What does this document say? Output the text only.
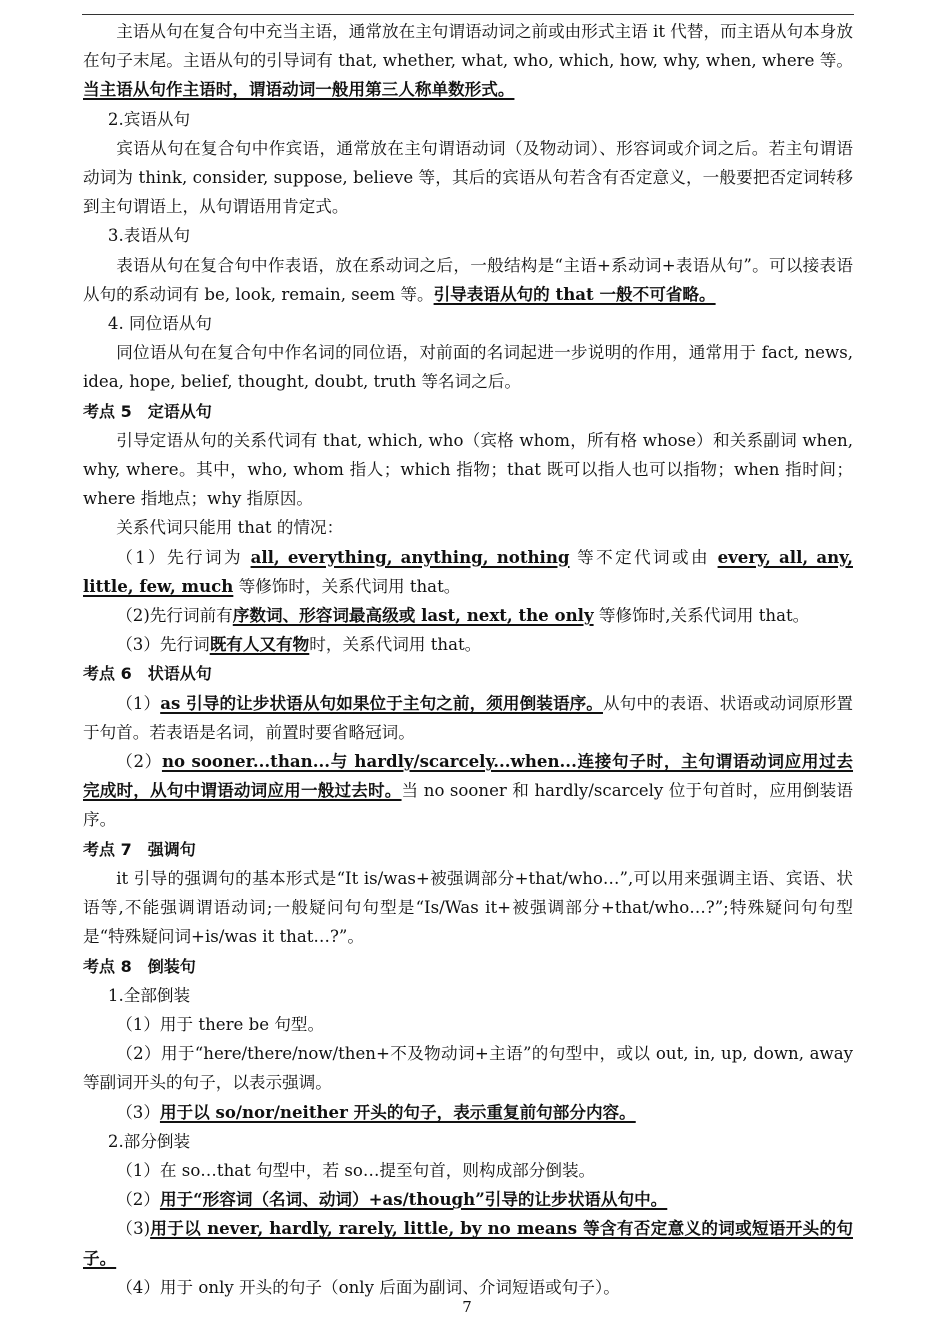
主语从句在复合句中充当主语，通常放在主句谓语动词之前或由形式主语 it 代替，而主语从句本身放在句子末尾。主语从句的引导词有 that, whether, what, who, which, how, why, when, where 等。当主语从句作主语时，谓语动词一般用第三人称单数形式。

2.宾语从句

宾语从句在复合句中作宾语，通常放在主句谓语动词（及物动词）、形容词或介词之后。若主句谓语动词为 think, consider, suppose, believe 等，其后的宾语从句若含有否定意义，一般要把否定词转移到主句谓语上，从句谓语用肯定式。

3.表语从句

表语从句在复合句中作表语，放在系动词之后，一般结构是“主语+系动词+表语从句”。可以接表语从句的系动词有 be, look, remain, seem 等。引导表语从句的 that 一般不可省略。

4. 同位语从句

同位语从句在复合句中作名词的同位语，对前面的名词起进一步说明的作用，通常用于 fact, news, idea, hope, belief, thought, doubt, truth 等名词之后。

考点 5　定语从句

引导定语从句的关系代词有 that, which, who（宾格 whom，所有格 whose）和关系副词 when, why, where。其中，who, whom 指人；which 指物；that 既可以指人也可以指物；when 指时间；where 指地点；why 指原因。

关系代词只能用 that 的情况：

（1）先行词为 all, everything, anything, nothing 等不定代词或由 every, all, any, little, few, much 等修饰时，关系代词用 that。

（2)先行词前有序数词、形容词最高级或 last, next, the only 等修饰时,关系代词用 that。

（3）先行词既有人又有物时，关系代词用 that。

考点 6　状语从句

（1）as 引导的让步状语从句如果位于主句之前，须用倒装语序。从句中的表语、状语或动词原形置于句首。若表语是名词，前置时要省略冠词。

（2）no sooner...than...与 hardly/scarcely...when...连接句子时，主句谓语动词应用过去完成时，从句中谓语动词应用一般过去时。当 no sooner 和 hardly/scarcely 位于句首时，应用倒装语序。

考点 7　强调句

it 引导的强调句的基本形式是“It is/was+被强调部分+that/who…”,可以用来强调主语、宾语、状语等,不能强调谓语动词;一般疑问句句型是“Is/Was it+被强调部分+that/who…?”;特殊疑问句句型是“特殊疑问词+is/was it that…?”。

考点 8　倒装句

1.全部倒装

（1）用于 there be 句型。

（2）用于“here/there/now/then+不及物动词+主语”的句型中，或以 out, in, up, down, away 等副词开头的句子，以表示强调。

（3）用于以 so/nor/neither 开头的句子，表示重复前句部分内容。

2.部分倒装

（1）在 so…that 句型中，若 so…提至句首，则构成部分倒装。

（2）用于“形容词（名词、动词）+as/though”引导的让步状语从句中。

（3)用于以 never, hardly, rarely, little, by no means 等含有否定意义的词或短语开头的句子。

（4）用于 only 开头的句子（only 后面为副词、介词短语或句子）。

7
